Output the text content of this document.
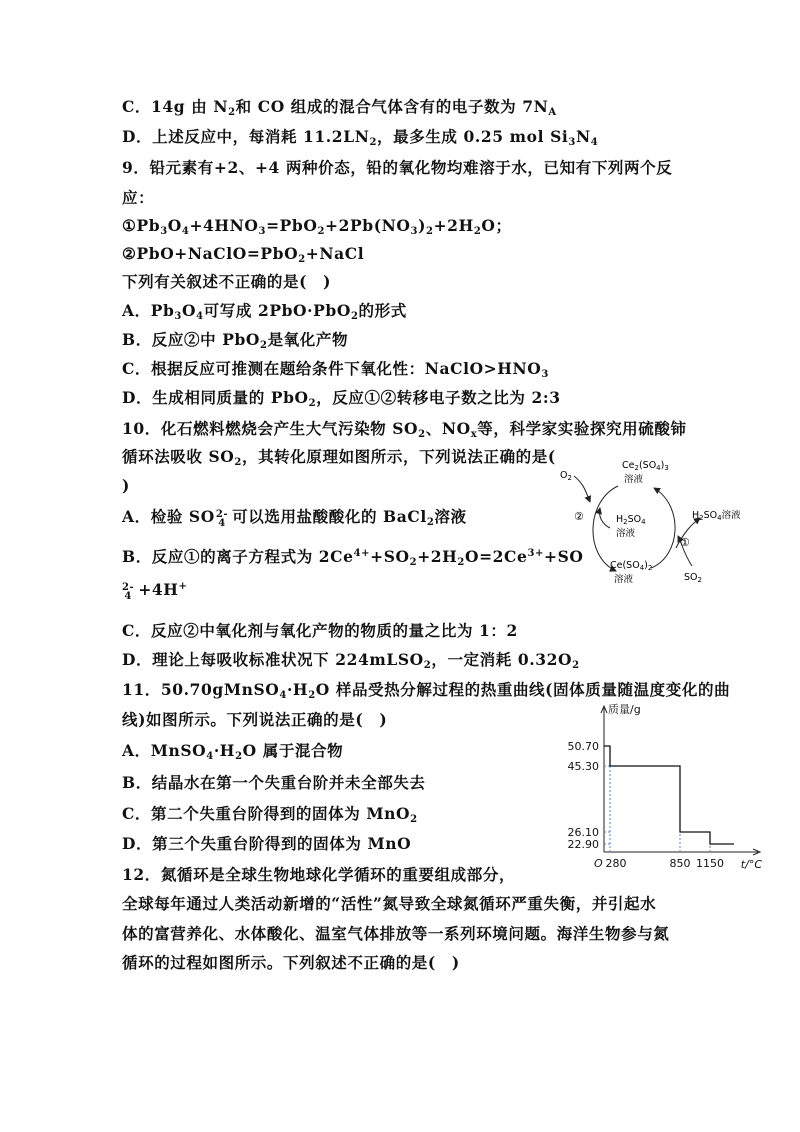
C．14g 由 $N_2$和 CO 组成的混合气体含有的电子数为 $7N_A$
D．上述反应中，每消耗 $11.2LN_2$，最多生成 0.25 mol $Si_3N_4$
9．铅元素有+2、+4 两种价态，铅的氧化物均难溶于水，已知有下列两个反
应：
$①Pb_3O_4+4HNO_3=PbO_2+2Pb(NO_3)_2+2H_2O$；
②PbO+NaClO=PbO$_2$+NaCl
下列有关叙述不正确的是(　)
A．$Pb_3O_4$可写成 2PbO·PbO$_2$的形式
B．反应②中 PbO$_2$是氧化产物
C．根据反应可推测在题给条件下氧化性：$NaClO>HNO_3$
D．生成相同质量的 PbO$_2$，反应①②转移电子数之比为 2:3
10．化石燃料燃烧会产生大气污染物 $SO_2$、$NO_x$等，科学家实验探究用硫酸铈
循环法吸收 $SO_2$，其转化原理如图所示，下列说法正确的是(
)
A．检验 SO 2-
4 可以选用盐酸酸化的 BaCl$_2$溶液
B．反应①的离子方程式为 $2Ce^{4+}+SO_2+2H_2O=2Ce^{3+}+SO$
2-
4 +4H+
C．反应②中氧化剂与氧化产物的物质的量之比为 1：2
D．理论上每吸收标准状况下 224mLSO$_2$，一定消耗 $0.32O_2$
$Ce_2(SO_4)_3$
溶液
$O_2$
②
①
$H_2SO_4$
溶液
$H_2SO_4$溶液
$Ce(SO_4)_2$
溶液	$SO_2$
11．$50.70gMnSO_4\cdot H_2O$ 样品受热分解过程的热重曲线(固体质量随温度变化的曲
线)如图所示。下列说法正确的是(　)
A．$MnSO_4\cdot H_2O$ 属于混合物
B．结晶水在第一个失重台阶并未全部失去
C．第二个失重台阶得到的固体为 MnO$_2$
D．第三个失重台阶得到的固体为 MnO
50.70
45.30
26.10
22.90
280	850 1150
质量/g
t/°C
O
12．氮循环是全球生物地球化学循环的重要组成部分，
全球每年通过人类活动新增的“活性”氮导致全球氮循环严重失衡，并引起水
体的富营养化、水体酸化、温室气体排放等一系列环境问题。海洋生物参与氮
循环的过程如图所示。下列叙述不正确的是(　)
